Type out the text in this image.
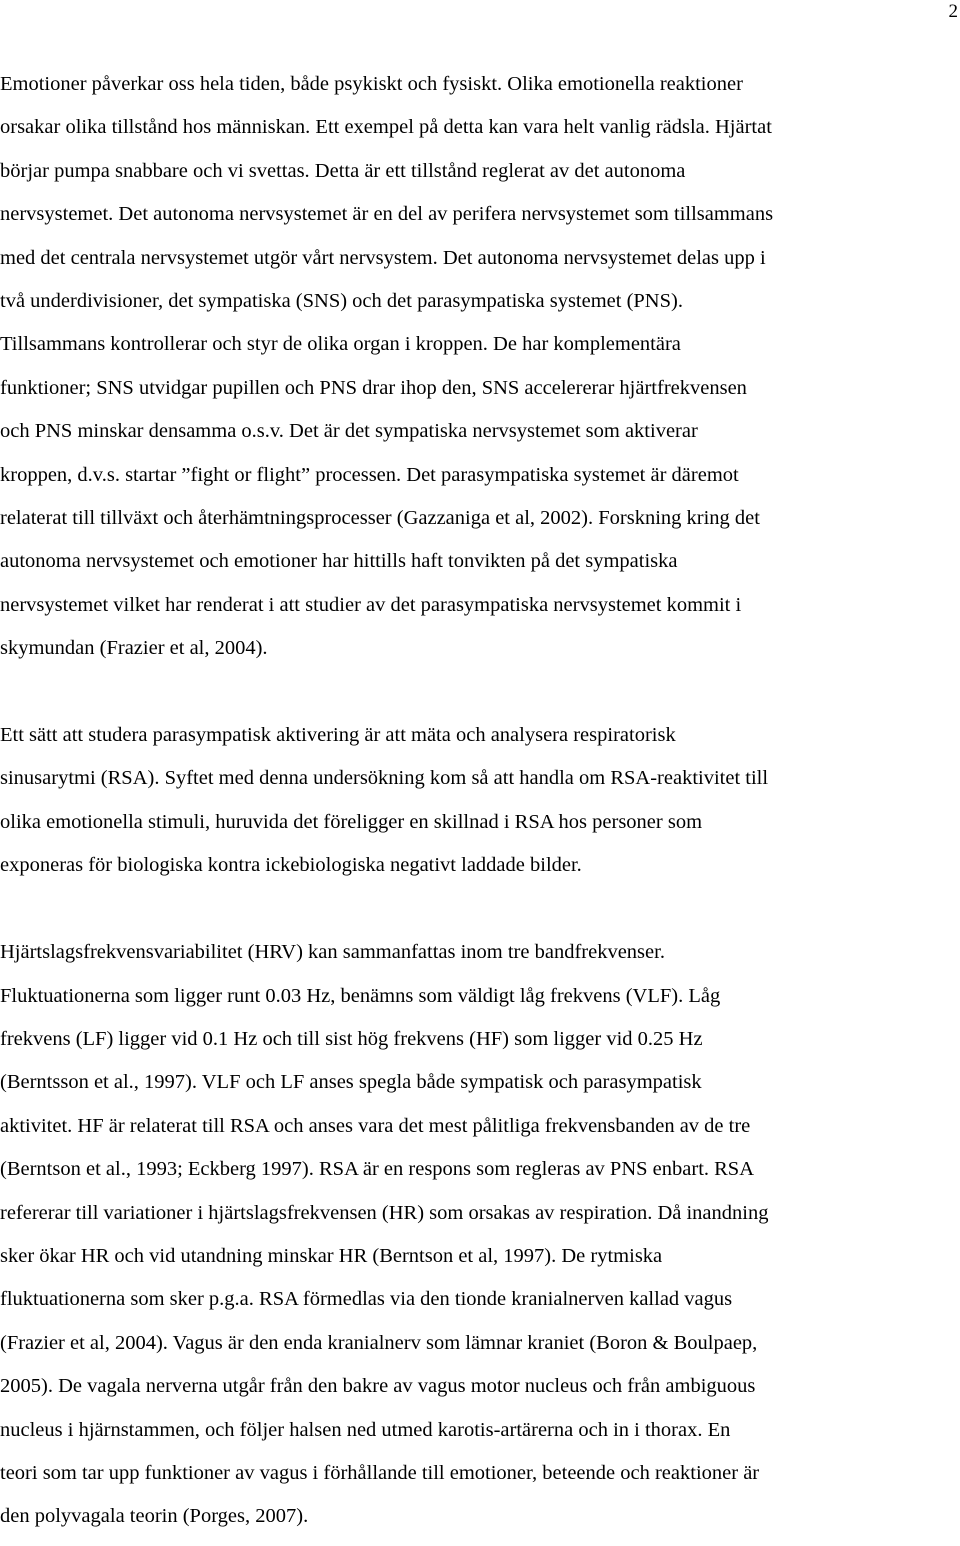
2

Emotioner påverkar oss hela tiden, både psykiskt och fysiskt. Olika emotionella reaktioner
orsakar olika tillstånd hos människan. Ett exempel på detta kan vara helt vanlig rädsla. Hjärtat
börjar pumpa snabbare och vi svettas. Detta är ett tillstånd reglerat av det autonoma
nervsystemet. Det autonoma nervsystemet är en del av perifera nervsystemet som tillsammans
med det centrala nervsystemet utgör vårt nervsystem. Det autonoma nervsystemet delas upp i
två underdivisioner, det sympatiska (SNS) och det parasympatiska systemet (PNS).
Tillsammans kontrollerar och styr de olika organ i kroppen. De har komplementära
funktioner; SNS utvidgar pupillen och PNS drar ihop den, SNS accelererar hjärtfrekvensen
och PNS minskar densamma o.s.v. Det är det sympatiska nervsystemet som aktiverar
kroppen, d.v.s. startar ”fight or flight” processen. Det parasympatiska systemet är däremot
relaterat till tillväxt och återhämtningsprocesser (Gazzaniga et al, 2002). Forskning kring det
autonoma nervsystemet och emotioner har hittills haft tonvikten på det sympatiska
nervsystemet vilket har renderat i att studier av det parasympatiska nervsystemet kommit i
skymundan (Frazier et al, 2004).

Ett sätt att studera parasympatisk aktivering är att mäta och analysera respiratorisk
sinusarytmi (RSA). Syftet med denna undersökning kom så att handla om RSA-reaktivitet till
olika emotionella stimuli, huruvida det föreligger en skillnad i RSA hos personer som
exponeras för biologiska kontra ickebiologiska negativt laddade bilder.

Hjärtslagsfrekvensvariabilitet (HRV) kan sammanfattas inom tre bandfrekvenser.
Fluktuationerna som ligger runt 0.03 Hz, benämns som väldigt låg frekvens (VLF). Låg
frekvens (LF) ligger vid 0.1 Hz och till sist hög frekvens (HF) som ligger vid 0.25 Hz
(Berntsson et al., 1997). VLF och LF anses spegla både sympatisk och parasympatisk
aktivitet. HF är relaterat till RSA och anses vara det mest pålitliga frekvensbanden av de tre
(Berntson et al., 1993; Eckberg 1997). RSA är en respons som regleras av PNS enbart. RSA
refererar till variationer i hjärtslagsfrekvensen (HR) som orsakas av respiration. Då inandning
sker ökar HR och vid utandning minskar HR (Berntson et al, 1997). De rytmiska
fluktuationerna som sker p.g.a. RSA förmedlas via den tionde kranialnerven kallad vagus
(Frazier et al, 2004). Vagus är den enda kranialnerv som lämnar kraniet (Boron & Boulpaep,
2005). De vagala nerverna utgår från den bakre av vagus motor nucleus och från ambiguous
nucleus i hjärnstammen, och följer halsen ned utmed karotis-artärerna och in i thorax. En
teori som tar upp funktioner av vagus i förhållande till emotioner, beteende och reaktioner är
den polyvagala teorin (Porges, 2007).
